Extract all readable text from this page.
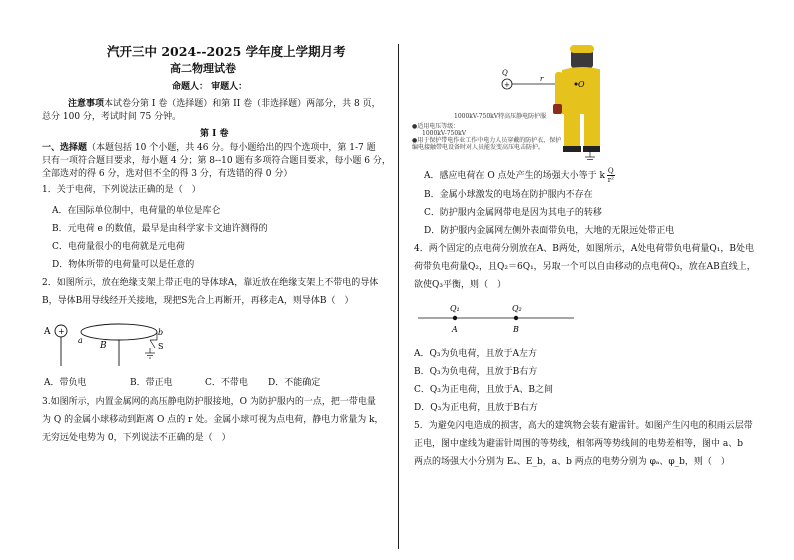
汽开三中 2024--2025 学年度上学期月考
高二物理试卷
命题人： 审题人：
注意事项本试卷分第 I 卷（选择题）和第 II 卷（非选择题）两部分，共 8 页，
总分 100 分，考试时间 75 分钟。
第 I 卷
一、选择题（本题包括 10 个小题，共 46 分。每小题给出的四个选项中，第 1-7 题
只有一项符合题目要求，每小题 4 分；第 8--10 题有多项符合题目要求，每小题 6 分，
全部选对的得 6 分，选对但不全的得 3 分，有选错的得 0 分）
1．关于电荷，下列说法正确的是（　）
A．在国际单位制中，电荷量的单位是库仑
B．元电荷 e 的数值，最早是由科学家卡文迪许测得的
C．电荷量很小的电荷就是元电荷
D．物体所带的电荷量可以是任意的
2．如图所示，放在绝缘支架上带正电的导体球A，靠近放在绝缘支架上不带电的导体
B，导体B用导线经开关接地，现把S先合上再断开，再移走A，则导体B（　）
A +
a
B
b
S
A．带负电	B．带正电	C．不带电 D．不能确定
3.如图所示，内置金属网的高压静电防护服接地，O 为防护服内的一点，把一带电量
为 Q 的金属小球移动到距离 O 点的 r 处。金属小球可视为点电荷，静电力常量为 k，
无穷远处电势为 0，下列说法不正确的是（　）
+
Q
r
O
1000kV-750kV特高压静电防护服
●适用电压等级：
1000kV-750kV
●用于保护带电作业工作中电力人员穿戴的防护衣，保护
编电接触带电设备时对人员能发变高压电击防护。
A．感应电荷在 O 点处产生的场强大小等于 k $\frac{Q}{\text{r²}}$
B．金属小球激发的电场在防护服内不存在
C．防护服内金属网带电是因为其电子的转移
D．防护服内金属网左侧外表面带负电，大地的无限远处带正电
4．两个固定的点电荷分别放在A、B两处，如图所示，A处电荷带负电荷量Q₁，B处电
荷带负电荷量Q₂，且Q₂＝6Q₁，另取一个可以自由移动的点电荷Q₃，放在AB直线上，
欲使Q₃平衡，则（　）
Q₁	Q₂
A	B
A．Q₃为负电荷，且放于A左方
B．Q₃为负电荷，且放于B右方
C．Q₃为正电荷，且放于A、B之间
D．Q₃为正电荷，且放于B右方
5．为避免闪电造成的损害，高大的建筑物会装有避雷针。如图产生闪电的积雨云层带
正电，图中虚线为避雷针周围的等势线，相邻两等势线间的电势差相等，图中 a、b
两点的场强大小分别为 Eₐ、E_b，a、b 两点的电势分别为 φₐ、φ_b，则（　）
